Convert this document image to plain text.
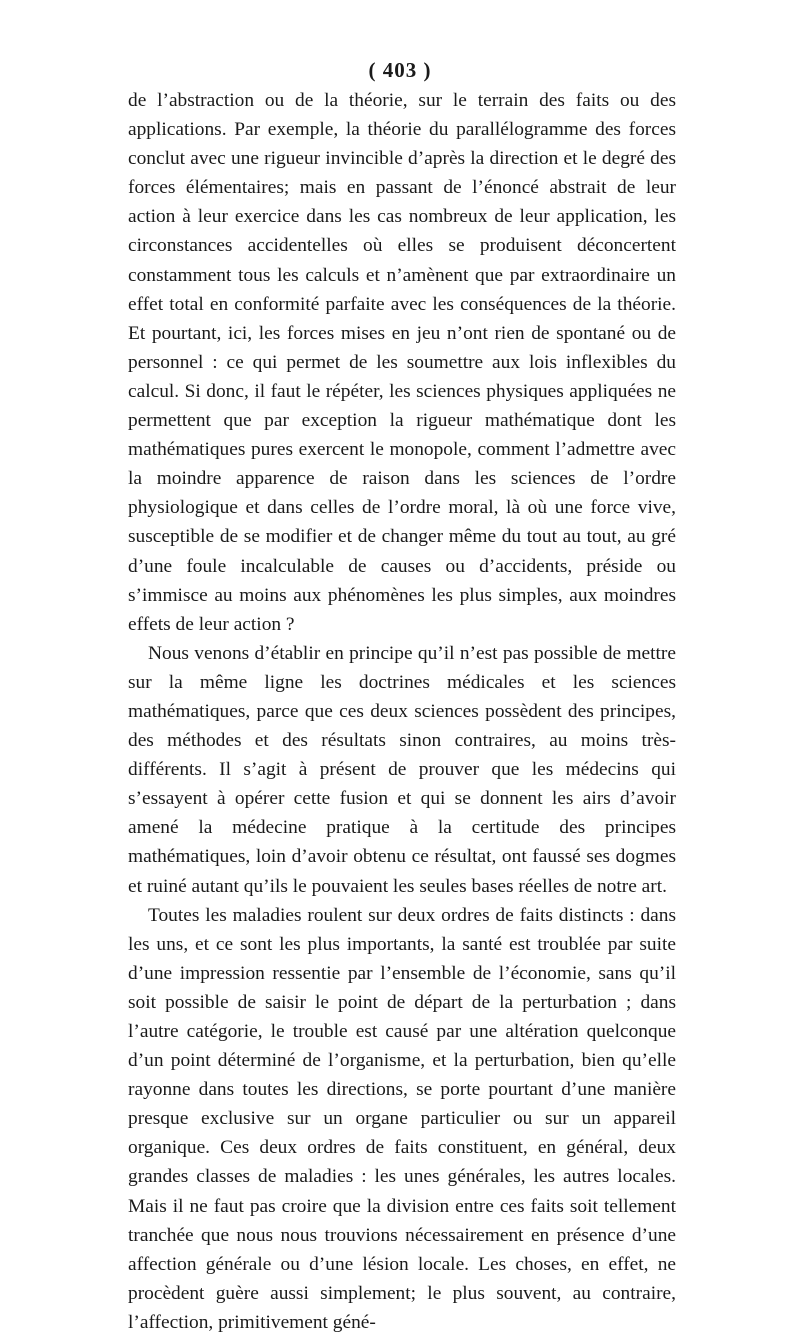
( 403 )

de l’abstraction ou de la théorie, sur le terrain des faits ou des applications. Par exemple, la théorie du parallélogramme des forces conclut avec une rigueur invincible d’après la direction et le degré des forces élémentaires; mais en passant de l’énoncé abstrait de leur action à leur exercice dans les cas nombreux de leur application, les circonstances accidentelles où elles se produisent déconcertent constamment tous les calculs et n’amènent que par extraordinaire un effet total en conformité parfaite avec les conséquences de la théorie. Et pourtant, ici, les forces mises en jeu n’ont rien de spontané ou de personnel : ce qui permet de les soumettre aux lois inflexibles du calcul. Si donc, il faut le répéter, les sciences physiques appliquées ne permettent que par exception la rigueur mathématique dont les mathématiques pures exercent le monopole, comment l’admettre avec la moindre apparence de raison dans les sciences de l’ordre physiologique et dans celles de l’ordre moral, là où une force vive, susceptible de se modifier et de changer même du tout au tout, au gré d’une foule incalculable de causes ou d’accidents, préside ou s’immisce au moins aux phénomènes les plus simples, aux moindres effets de leur action ?

Nous venons d’établir en principe qu’il n’est pas possible de mettre sur la même ligne les doctrines médicales et les sciences mathématiques, parce que ces deux sciences possèdent des principes, des méthodes et des résultats sinon contraires, au moins très-différents. Il s’agit à présent de prouver que les médecins qui s’essayent à opérer cette fusion et qui se donnent les airs d’avoir amené la médecine pratique à la certitude des principes mathématiques, loin d’avoir obtenu ce résultat, ont faussé ses dogmes et ruiné autant qu’ils le pouvaient les seules bases réelles de notre art.

Toutes les maladies roulent sur deux ordres de faits distincts : dans les uns, et ce sont les plus importants, la santé est troublée par suite d’une impression ressentie par l’ensemble de l’économie, sans qu’il soit possible de saisir le point de départ de la perturbation ; dans l’autre catégorie, le trouble est causé par une altération quelconque d’un point déterminé de l’organisme, et la perturbation, bien qu’elle rayonne dans toutes les directions, se porte pourtant d’une manière presque exclusive sur un organe particulier ou sur un appareil organique. Ces deux ordres de faits constituent, en général, deux grandes classes de maladies : les unes générales, les autres locales. Mais il ne faut pas croire que la division entre ces faits soit tellement tranchée que nous nous trouvions nécessairement en présence d’une affection générale ou d’une lésion locale. Les choses, en effet, ne procèdent guère aussi simplement; le plus souvent, au contraire, l’affection, primitivement géné-
